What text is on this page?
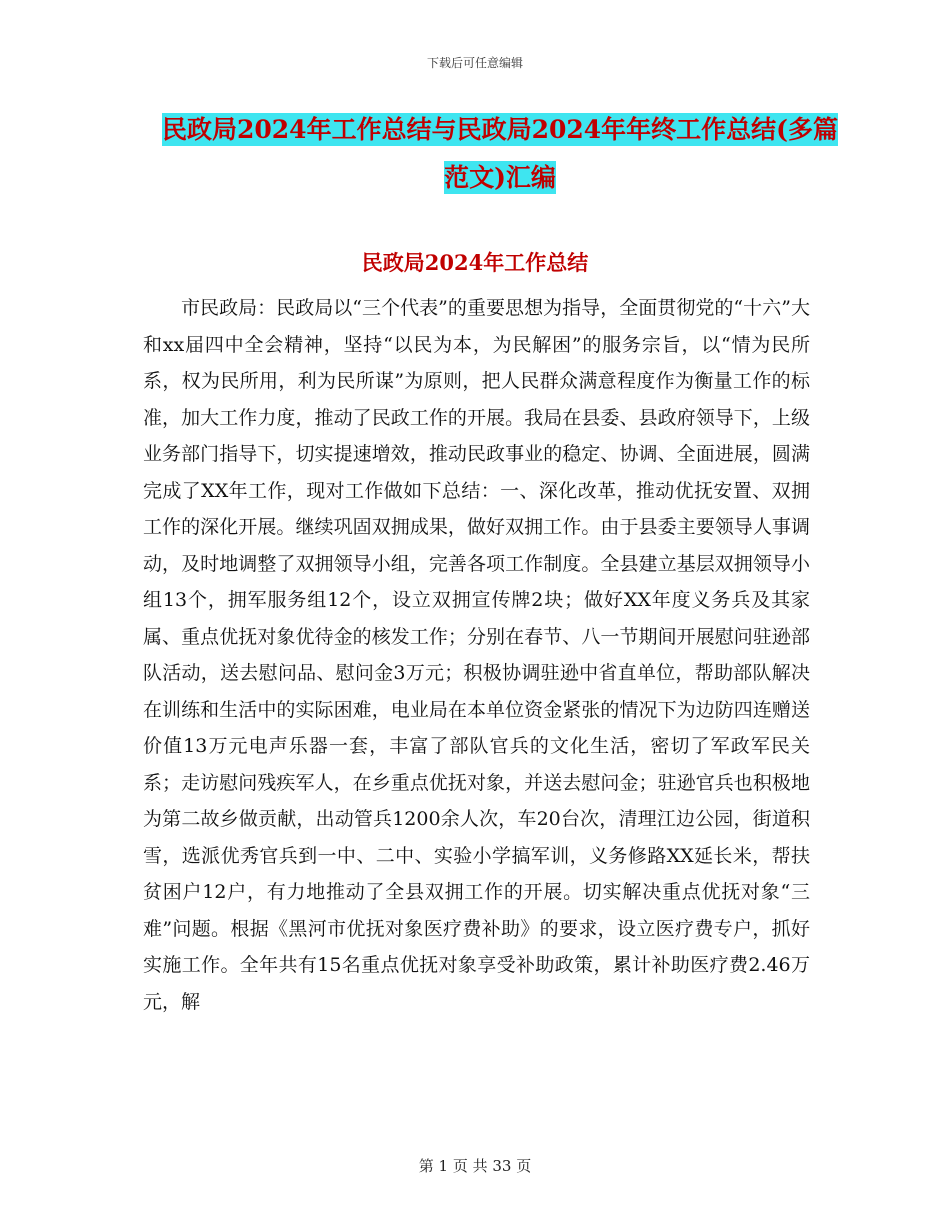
下载后可任意编辑
民政局2024年工作总结与民政局2024年年终工作总结(多篇范文)汇编
民政局2024年工作总结

市民政局：民政局以“三个代表”的重要思想为指导，全面贯彻党的“十六”大和xx届四中全会精神，坚持“以民为本，为民解困”的服务宗旨，以“情为民所系，权为民所用，利为民所谋”为原则，把人民群众满意程度作为衡量工作的标准，加大工作力度，推动了民政工作的开展。我局在县委、县政府领导下，上级业务部门指导下，切实提速增效，推动民政事业的稳定、协调、全面进展，圆满完成了XX年工作，现对工作做如下总结：一、深化改革，推动优抚安置、双拥工作的深化开展。继续巩固双拥成果，做好双拥工作。由于县委主要领导人事调动，及时地调整了双拥领导小组，完善各项工作制度。全县建立基层双拥领导小组13个，拥军服务组12个，设立双拥宣传牌2块；做好XX年度义务兵及其家属、重点优抚对象优待金的核发工作；分别在春节、八一节期间开展慰问驻逊部队活动，送去慰问品、慰问金3万元；积极协调驻逊中省直单位，帮助部队解决在训练和生活中的实际困难，电业局在本单位资金紧张的情况下为边防四连赠送价值13万元电声乐器一套，丰富了部队官兵的文化生活，密切了军政军民关系；走访慰问残疾军人，在乡重点优抚对象，并送去慰问金；驻逊官兵也积极地为第二故乡做贡献，出动管兵1200余人次，车20台次，清理江边公园，街道积雪，选派优秀官兵到一中、二中、实验小学搞军训，义务修路XX延长米，帮扶贫困户12户，有力地推动了全县双拥工作的开展。切实解决重点优抚对象“三难”问题。根据《黑河市优抚对象医疗费补助》的要求，设立医疗费专户，抓好实施工作。全年共有15名重点优抚对象享受补助政策，累计补助医疗费2.46万元，解

第 1 页 共 33 页
